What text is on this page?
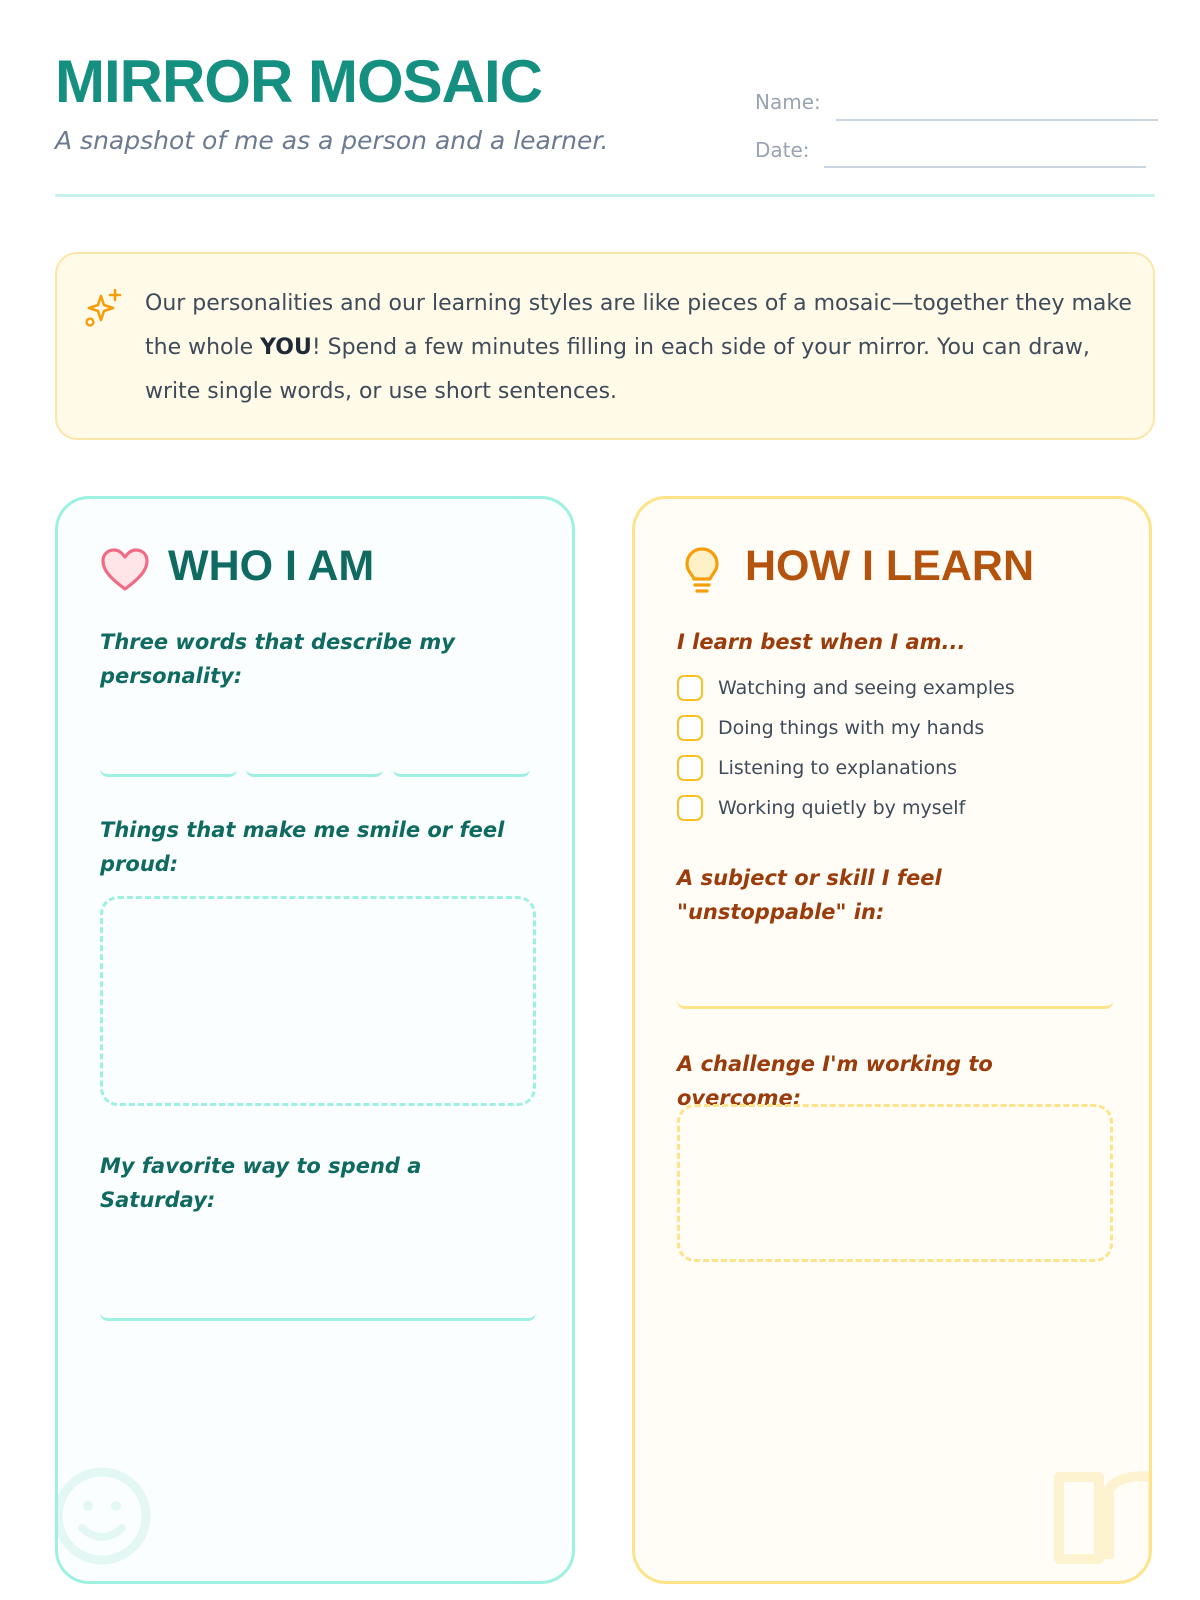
MIRROR MOSAIC
A snapshot of me as a person and a learner.
Name:
Date:
Our personalities and our learning styles are like pieces of a mosaic—together they make the whole YOU! Spend a few minutes filling in each side of your mirror. You can draw, write single words, or use short sentences.
WHO I AM
Three words that describe my personality:
Things that make me smile or feel proud:
My favorite way to spend a Saturday:
HOW I LEARN
I learn best when I am...
Watching and seeing examples
Doing things with my hands
Listening to explanations
Working quietly by myself
A subject or skill I feel "unstoppable" in:
A challenge I'm working to overcome:
